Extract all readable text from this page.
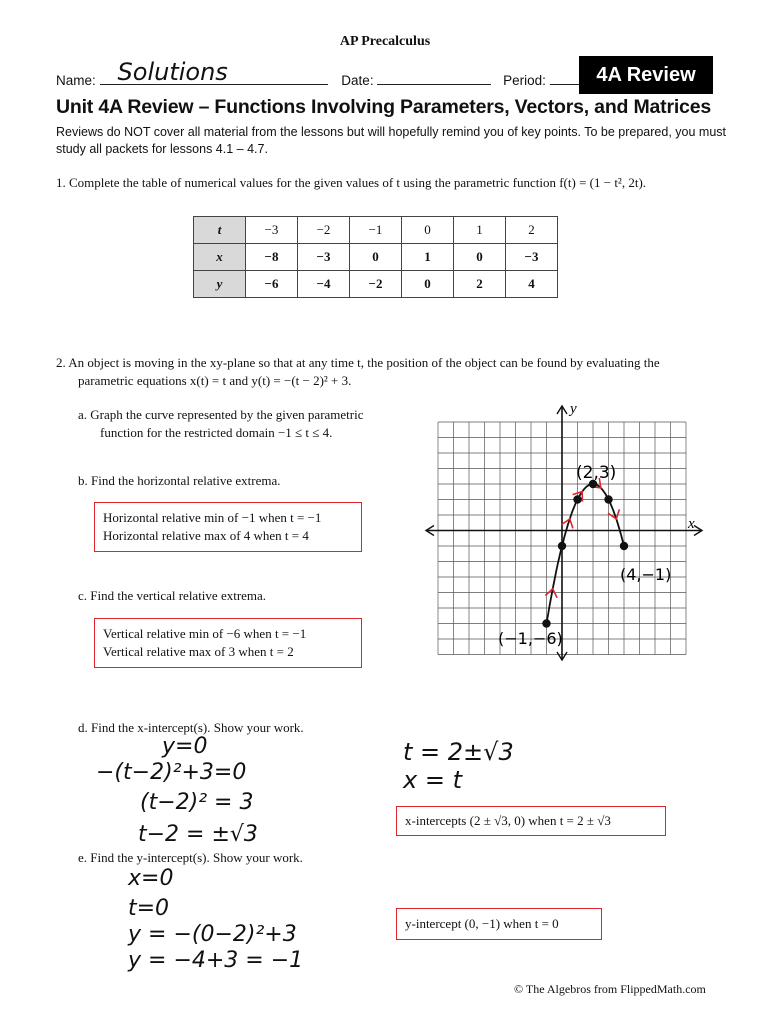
AP Precalculus
Name: Solutions	Date:	Period:	4A Review
Unit 4A Review – Functions Involving Parameters, Vectors, and Matrices
Reviews do NOT cover all material from the lessons but will hopefully remind you of key points. To be prepared, you must study all packets for lessons 4.1 – 4.7.
1. Complete the table of numerical values for the given values of t using the parametric function f(t) = (1 − t², 2t).
t	−3	−2	−1	0	1	2
x	−8	−3	0	1	0	−3
y	−6	−4	−2	0	2	4
2. An object is moving in the xy-plane so that at any time t, the position of the object can be found by evaluating the
parametric equations x(t) = t and y(t) = −(t − 2)² + 3.
a. Graph the curve represented by the given parametric
function for the restricted domain −1 ≤ t ≤ 4.
b. Find the horizontal relative extrema.
Horizontal relative min of −1 when t = −1
Horizontal relative max of 4 when t = 4
c. Find the vertical relative extrema.
Vertical relative min of −6 when t = −1
Vertical relative max of 3 when t = 2
x
y
(2,3)
(4,−1)
(−1,−6)
d. Find the x-intercept(s). Show your work.
y=0
−(t−2)²+3=0
(t−2)² = 3
t−2 = ±√3
t = 2±√3
x = t
x-intercepts (2 ± √3, 0) when t = 2 ± √3
e. Find the y-intercept(s). Show your work.
x=0
t=0
y = −(0−2)²+3
y = −4+3 = −1
y-intercept (0, −1) when t = 0
© The Algebros from FlippedMath.com
